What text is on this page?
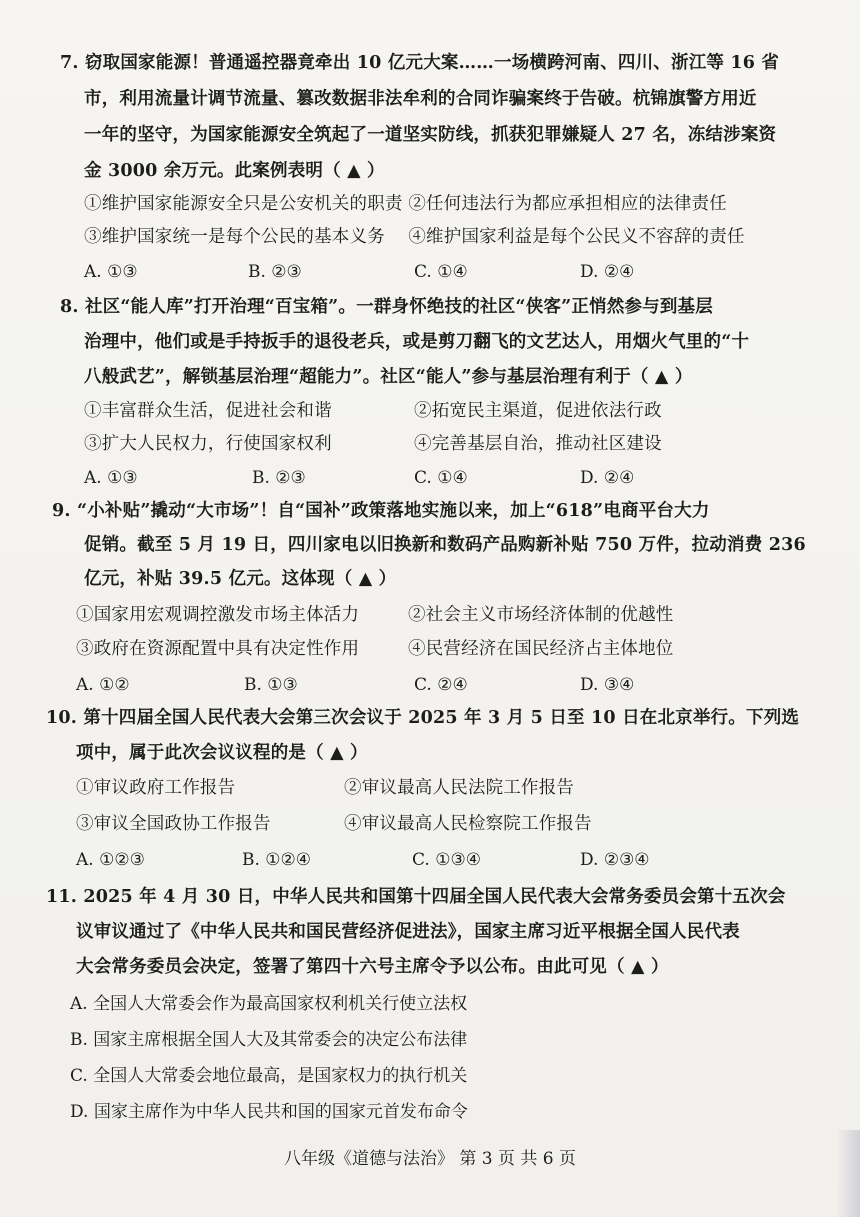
7. 窃取国家能源！普通遥控器竟牵出 10 亿元大案……一场横跨河南、四川、浙江等 16 省
市，利用流量计调节流量、篡改数据非法牟利的合同诈骗案终于告破。杭锦旗警方用近
一年的坚守，为国家能源安全筑起了一道坚实防线，抓获犯罪嫌疑人 27 名，冻结涉案资
金 3000 余万元。此案例表明（ ▲ ）
①维护国家能源安全只是公安机关的职责 ②任何违法行为都应承担相应的法律责任
③维护国家统一是每个公民的基本义务　 ④维护国家利益是每个公民义不容辞的责任
A. ①③	B. ②③	C. ①④	D. ②④
8. 社区“能人库”打开治理“百宝箱”。一群身怀绝技的社区“侠客”正悄然参与到基层
治理中，他们或是手持扳手的退役老兵，或是剪刀翻飞的文艺达人，用烟火气里的“十
八般武艺”，解锁基层治理“超能力”。社区“能人”参与基层治理有利于（ ▲ ）
①丰富群众生活，促进社会和谐	②拓宽民主渠道，促进依法行政
③扩大人民权力，行使国家权利	④完善基层自治，推动社区建设
A. ①③	B. ②③	C. ①④	D. ②④
9. “小补贴”撬动“大市场”！自“国补”政策落地实施以来，加上“618”电商平台大力
促销。截至 5 月 19 日，四川家电以旧换新和数码产品购新补贴 750 万件，拉动消费 236
亿元，补贴 39.5 亿元。这体现（ ▲ ）
①国家用宏观调控激发市场主体活力	②社会主义市场经济体制的优越性
③政府在资源配置中具有决定性作用	④民营经济在国民经济占主体地位
A. ①②	B. ①③	C. ②④	D. ③④
10. 第十四届全国人民代表大会第三次会议于 2025 年 3 月 5 日至 10 日在北京举行。下列选
项中，属于此次会议议程的是（ ▲ ）
①审议政府工作报告	②审议最高人民法院工作报告
③审议全国政协工作报告	④审议最高人民检察院工作报告
A. ①②③	B. ①②④	C. ①③④	D. ②③④
11. 2025 年 4 月 30 日，中华人民共和国第十四届全国人民代表大会常务委员会第十五次会
议审议通过了《中华人民共和国民营经济促进法》，国家主席习近平根据全国人民代表
大会常务委员会决定，签署了第四十六号主席令予以公布。由此可见（ ▲ ）
A. 全国人大常委会作为最高国家权利机关行使立法权
B. 国家主席根据全国人大及其常委会的决定公布法律
C. 全国人大常委会地位最高，是国家权力的执行机关
D. 国家主席作为中华人民共和国的国家元首发布命令
八年级《道德与法治》 第 3 页 共 6 页
